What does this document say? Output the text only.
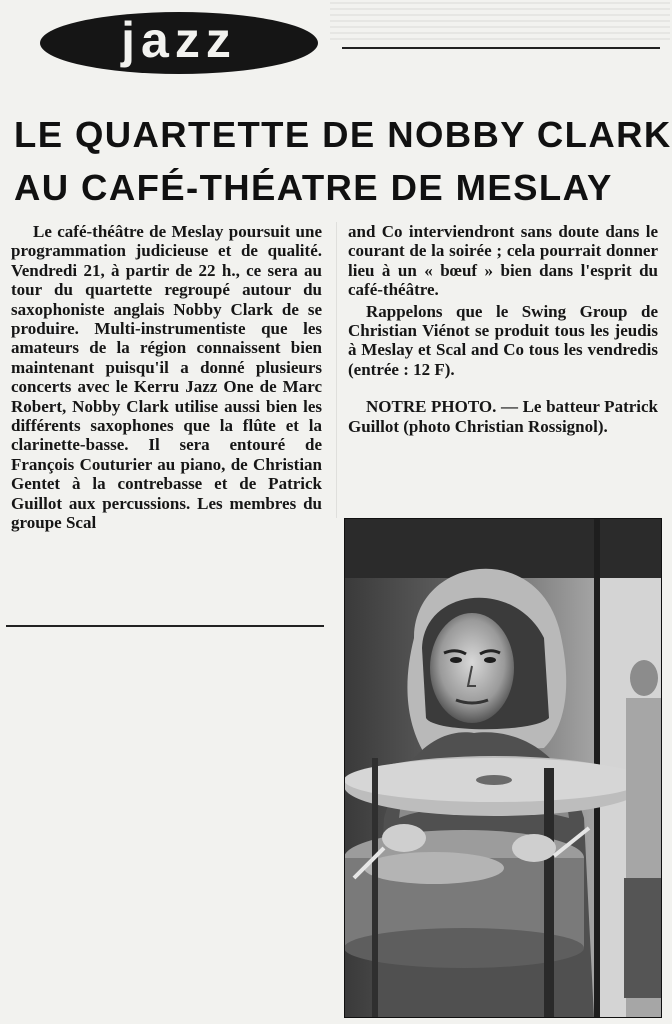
jazz
LE QUARTETTE DE NOBBY CLARK
AU CAFÉ-THÉATRE DE MESLAY

Le café-théâtre de Meslay poursuit une programmation judicieuse et de qualité. Vendredi 21, à partir de 22 h., ce sera au tour du quartette regroupé autour du saxophoniste anglais Nobby Clark de se produire. Multi-instrumentiste que les amateurs de la région connaissent bien maintenant puisqu'il a donné plusieurs concerts avec le Kerru Jazz One de Marc Robert, Nobby Clark utilise aussi bien les différents saxophones que la flûte et la clarinette-basse. Il sera entouré de François Couturier au piano, de Christian Gentet à la contrebasse et de Patrick Guillot aux percussions. Les membres du groupe Scal

and Co interviendront sans doute dans le courant de la soirée ; cela pourrait donner lieu à un « bœuf » bien dans l'esprit du café-théâtre.

Rappelons que le Swing Group de Christian Viénot se produit tous les jeudis à Meslay et Scal and Co tous les vendredis (entrée : 12 F).

NOTRE PHOTO. — Le batteur Patrick Guillot (photo Christian Rossignol).
